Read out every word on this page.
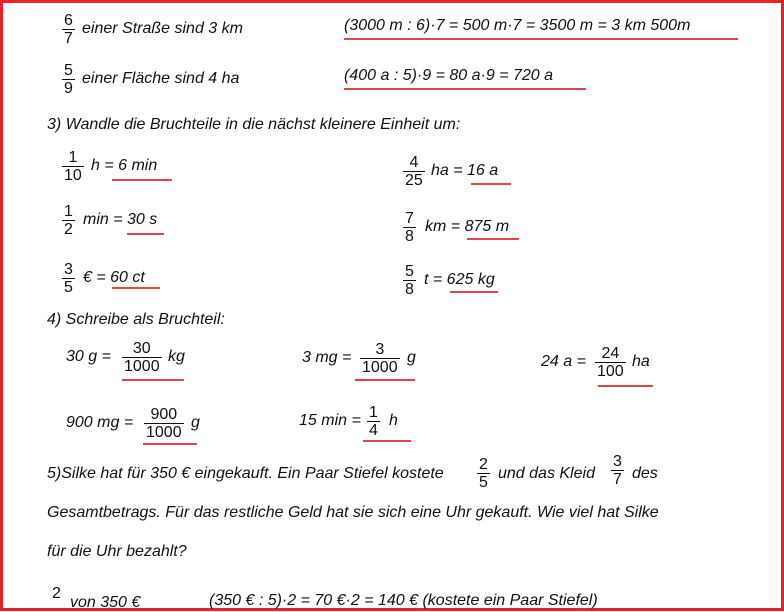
$\frac{6}{7}$ einer Straße sind 3 km	(3000 m : 6)·7 = 500 m·7 = 3500 m = 3 km 500m
$\frac{5}{9}$ einer Fläche sind 4 ha	(400 a : 5)·9 = 80 a·9 = 720 a
3) Wandle die Bruchteile in die nächst kleinere Einheit um:
$\frac{1}{10}$ h = 6 min	$\frac{4}{25}$ ha = 16 a
$\frac{1}{2}$ min = 30 s	$\frac{7}{8}$ km = 875 m
$\frac{3}{5}$ € = 60 ct	$\frac{5}{8}$ t = 625 kg
4) Schreibe als Bruchteil:
30 $g = \frac{30}{1000}$ kg	3 mg = $\frac{3}{1000}$ g	24 $a = \frac{24}{100}$ ha
900 mg = $\frac{900}{1000}$ g	15 $\min = \frac{1}{4}$ h
5)Silke hat für 350 € eingekauft. Ein Paar Stiefel kostete $\frac{2}{5}$ und das Kleid $\frac{3}{7}$ des
Gesamtbetrags. Für das restliche Geld hat sie sich eine Uhr gekauft. Wie viel hat Silke
für die Uhr bezahlt?
2
von 350 €	(350 € : 5)·2 = 70 €·2 = 140 € (kostete ein Paar Stiefel)
